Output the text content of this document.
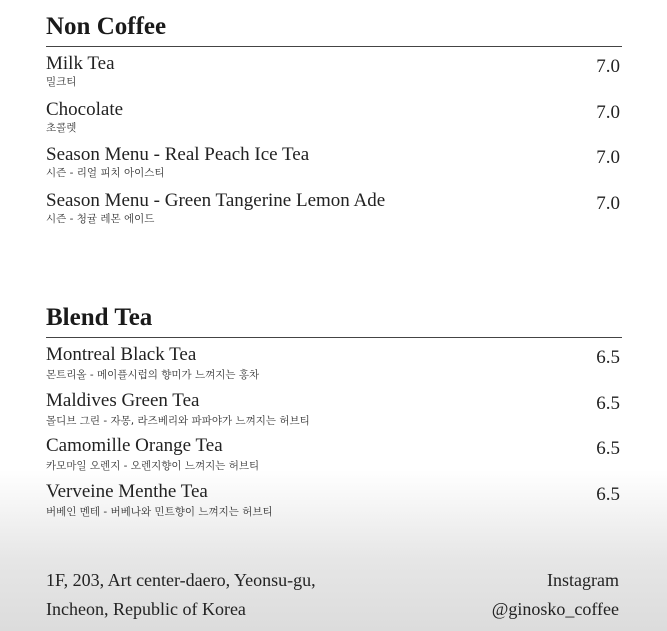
Non Coffee
Milk Tea
밀크티
7.0
Chocolate
초콜렛
7.0
Season Menu - Real Peach Ice Tea
시즌 - 리얼 피치 아이스티
7.0
Season Menu - Green Tangerine Lemon Ade
시즌 - 청귤 레몬 에이드
7.0
Blend Tea
Montreal Black Tea
몬트리올 - 메이플시럽의 향미가 느껴지는 홍차
6.5
Maldives Green Tea
몰디브 그린 - 자몽, 라즈베리와 파파야가 느껴지는 허브티
6.5
Camomille Orange Tea
카모마일 오렌지 - 오렌지향이 느껴지는 허브티
6.5
Verveine Menthe Tea
버베인 멘테 - 버베나와 민트향이 느껴지는 허브티
6.5
1F, 203, Art center-daero, Yeonsu-gu,
Incheon, Republic of Korea
Instagram
@ginosko_coffee
